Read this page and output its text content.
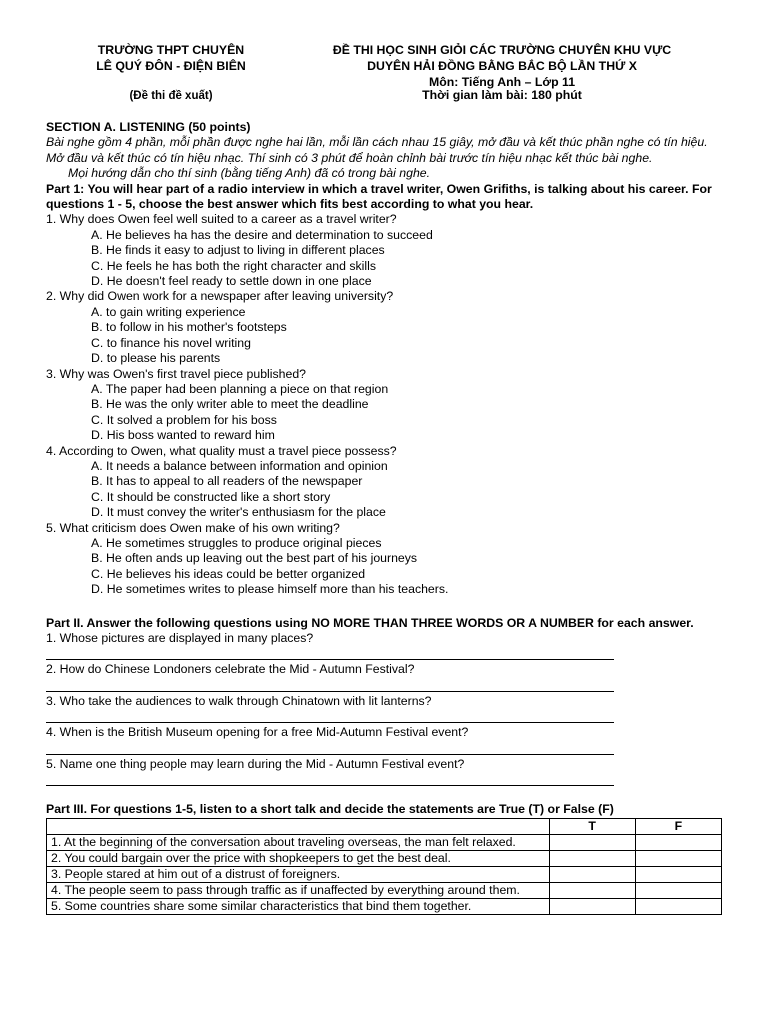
TRƯỜNG THPT CHUYÊN
LÊ QUÝ ĐÔN - ĐIỆN BIÊN
(Đề thi đề xuất)
ĐỀ THI HỌC SINH GIỎI CÁC TRƯỜNG CHUYÊN KHU VỰC
DUYÊN HẢI ĐỒNG BẰNG BẮC BỘ LẦN THỨ X
Môn: Tiếng Anh – Lớp 11
Thời gian làm bài: 180 phút
SECTION A. LISTENING (50 points)
Bài nghe gồm 4 phần, mỗi phần được nghe hai lần, mỗi lần cách nhau 15 giây, mở đầu và kết thúc phần nghe có tín hiệu.
Mở đầu và kết thúc có tín hiệu nhạc. Thí sinh có 3 phút để hoàn chỉnh bài trước tín hiệu nhạc kết thúc bài nghe.
Mọi hướng dẫn cho thí sinh (bằng tiếng Anh) đã có trong bài nghe.
Part 1: You will hear part of a radio interview in which a travel writer, Owen Grifiths, is talking about his career. For questions 1 - 5, choose the best answer which fits best according to what you hear.
1. Why does Owen feel well suited to a career as a travel writer?
A. He believes ha has the desire and determination to succeed
B. He finds it easy to adjust to living in different places
C. He feels he has both the right character and skills
D. He doesn't feel ready to settle down in one place
2. Why did Owen work for a newspaper after leaving university?
A. to gain writing experience
B. to follow in his mother's footsteps
C. to finance his novel writing
D. to please his parents
3. Why was Owen's first travel piece published?
A. The paper had been planning a piece on that region
B. He was the only writer able to meet the deadline
C. It solved a problem for his boss
D. His boss wanted to reward him
4. According to Owen, what quality must a travel piece possess?
A. It needs a balance between information and opinion
B. It has to appeal to all readers of the newspaper
C. It should be constructed like a short story
D. It must convey the writer's enthusiasm for the place
5. What criticism does Owen make of his own writing?
A. He sometimes struggles to produce original pieces
B. He often ands up leaving out the best part of his journeys
C. He believes his ideas could be better organized
D. He sometimes writes to please himself more than his teachers.
Part II. Answer the following questions using NO MORE THAN THREE WORDS OR A NUMBER for each answer.
1. Whose pictures are displayed in many places?
2. How do Chinese Londoners celebrate the Mid - Autumn Festival?
3. Who take the audiences to walk through Chinatown with lit lanterns?
4. When is the British Museum opening for a free Mid-Autumn Festival event?
5. Name one thing people may learn during the Mid - Autumn Festival event?
Part III. For questions 1-5, listen to a short talk and decide the statements are True (T) or False (F)
	T	F
1. At the beginning of the conversation about traveling overseas, the man felt relaxed.		
2. You could bargain over the price with shopkeepers to get the best deal.		
3. People stared at him out of a distrust of foreigners.		
4. The people seem to pass through traffic as if unaffected by everything around them.		
5. Some countries share some similar characteristics that bind them together.		
